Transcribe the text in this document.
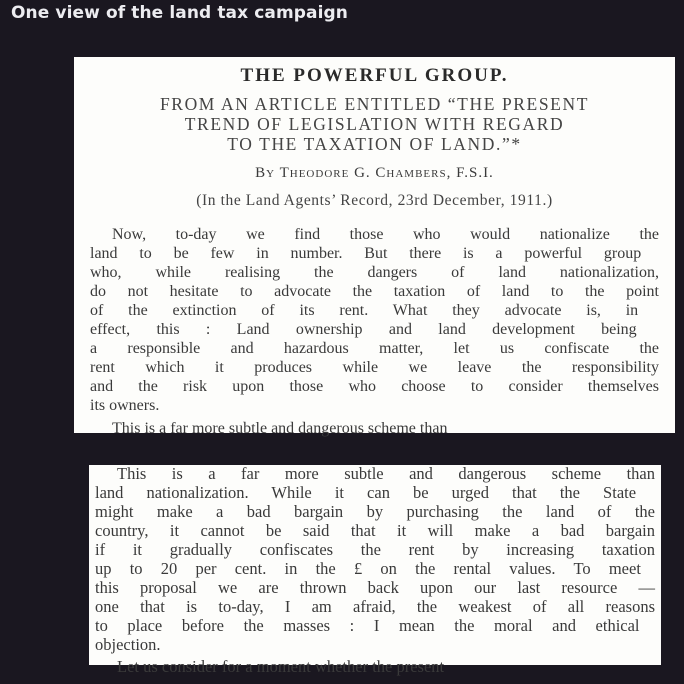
One view of the land tax campaign
THE POWERFUL GROUP.
FROM AN ARTICLE ENTITLED “THE PRESENT
TREND OF LEGISLATION WITH REGARD
TO THE TAXATION OF LAND.”*
By Theodore G. Chambers, F.S.I.
(In the Land Agents’ Record, 23rd December, 1911.)
Now, to-day we find those who would nationalize the
land to be few in number. But there is a powerful group
who, while realising the dangers of land nationalization,
do not hesitate to advocate the taxation of land to the point
of the extinction of its rent. What they advocate is, in
effect, this : Land ownership and land development being
a responsible and hazardous matter, let us confiscate the
rent which it produces while we leave the responsibility
and the risk upon those who choose to consider themselves
its owners.
This is a far more subtle and dangerous scheme than
This is a far more subtle and dangerous scheme than
land nationalization. While it can be urged that the State
might make a bad bargain by purchasing the land of the
country, it cannot be said that it will make a bad bargain
if it gradually confiscates the rent by increasing taxation
up to 20 per cent. in the £ on the rental values. To meet
this proposal we are thrown back upon our last resource —
one that is to-day, I am afraid, the weakest of all reasons
to place before the masses : I mean the moral and ethical
objection.
Let us consider for a moment whether the present
